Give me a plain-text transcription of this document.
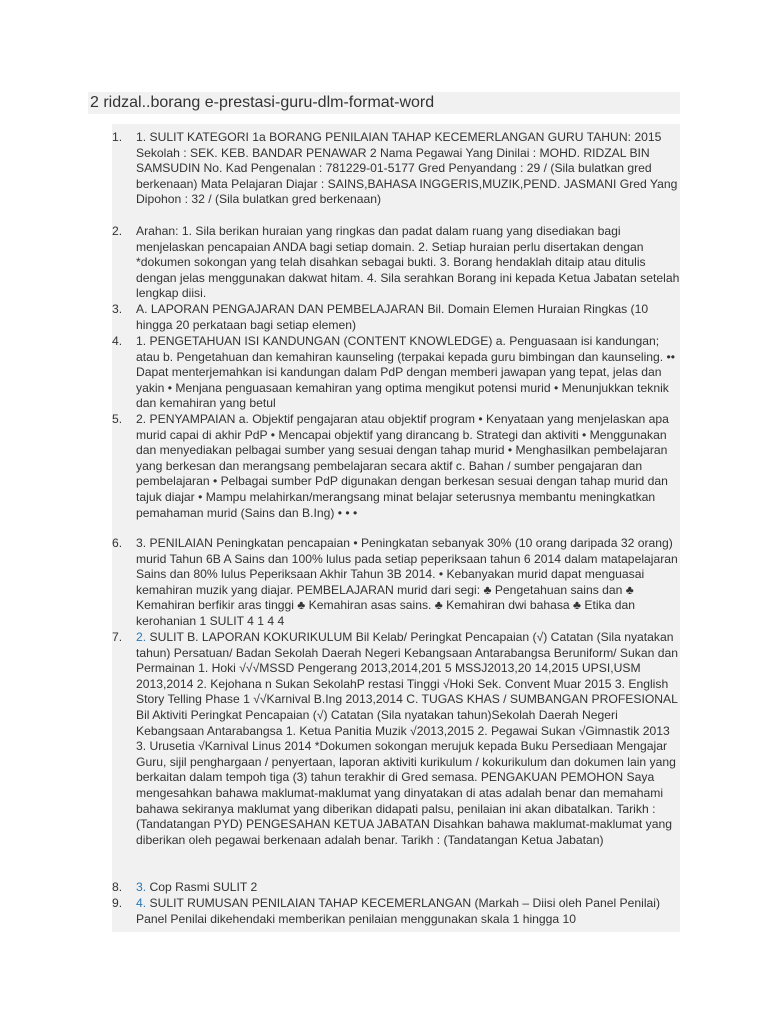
2 ridzal..borang e-prestasi-guru-dlm-format-word
1.	1. SULIT KATEGORI 1a BORANG PENILAIAN TAHAP KECEMERLANGAN GURU TAHUN: 2015 Sekolah : SEK. KEB. BANDAR PENAWAR 2 Nama Pegawai Yang Dinilai : MOHD. RIDZAL BIN SAMSUDIN No. Kad Pengenalan : 781229-01-5177 Gred Penyandang : 29 / (Sila bulatkan gred berkenaan) Mata Pelajaran Diajar : SAINS,BAHASA INGGERIS,MUZIK,PEND. JASMANI Gred Yang Dipohon : 32 / (Sila bulatkan gred berkenaan)
2.	Arahan: 1. Sila berikan huraian yang ringkas dan padat dalam ruang yang disediakan bagi menjelaskan pencapaian ANDA bagi setiap domain. 2. Setiap huraian perlu disertakan dengan *dokumen sokongan yang telah disahkan sebagai bukti. 3. Borang hendaklah ditaip atau ditulis dengan jelas menggunakan dakwat hitam. 4. Sila serahkan Borang ini kepada Ketua Jabatan setelah lengkap diisi.
3.	A. LAPORAN PENGAJARAN DAN PEMBELAJARAN Bil. Domain Elemen Huraian Ringkas (10 hingga 20 perkataan bagi setiap elemen)
4.	1. PENGETAHUAN ISI KANDUNGAN (CONTENT KNOWLEDGE) a. Penguasaan isi kandungan; atau b. Pengetahuan dan kemahiran kaunseling (terpakai kepada guru bimbingan dan kaunseling. •• Dapat menterjemahkan isi kandungan dalam PdP dengan memberi jawapan yang tepat, jelas dan yakin • Menjana penguasaan kemahiran yang optima mengikut potensi murid • Menunjukkan teknik dan kemahiran yang betul
5.	2. PENYAMPAIAN a. Objektif pengajaran atau objektif program • Kenyataan yang menjelaskan apa murid capai di akhir PdP • Mencapai objektif yang dirancang b. Strategi dan aktiviti • Menggunakan dan menyediakan pelbagai sumber yang sesuai dengan tahap murid • Menghasilkan pembelajaran yang berkesan dan merangsang pembelajaran secara aktif c. Bahan / sumber pengajaran dan pembelajaran • Pelbagai sumber PdP digunakan dengan berkesan sesuai dengan tahap murid dan tajuk diajar • Mampu melahirkan/merangsang minat belajar seterusnya membantu meningkatkan pemahaman murid (Sains dan B.Ing) • • •
6.	3. PENILAIAN Peningkatan pencapaian • Peningkatan sebanyak 30% (10 orang daripada 32 orang) murid Tahun 6B A Sains dan 100% lulus pada setiap peperiksaan tahun 6 2014 dalam matapelajaran Sains dan 80% lulus Peperiksaan Akhir Tahun 3B 2014. • Kebanyakan murid dapat menguasai kemahiran muzik yang diajar. PEMBELAJARAN murid dari segi: ♣ Pengetahuan sains dan ♣ Kemahiran berfikir aras tinggi ♣ Kemahiran asas sains. ♣ Kemahiran dwi bahasa ♣ Etika dan kerohanian 1 SULIT 4 1 4 4
7.	2. SULIT B. LAPORAN KOKURIKULUM Bil Kelab/ Peringkat Pencapaian (√) Catatan (Sila nyatakan tahun) Persatuan/ Badan Sekolah Daerah Negeri Kebangsaan Antarabangsa Beruniform/ Sukan dan Permainan 1. Hoki √√√MSSD Pengerang 2013,2014,201 5 MSSJ2013,20 14,2015 UPSI,USM 2013,2014 2. Kejohana n Sukan SekolahP restasi Tinggi √Hoki Sek. Convent Muar 2015 3. English Story Telling Phase 1 √√Karnival B.Ing 2013,2014 C. TUGAS KHAS / SUMBANGAN PROFESIONAL Bil Aktiviti Peringkat Pencapaian (√) Catatan (Sila nyatakan tahun)Sekolah Daerah Negeri Kebangsaan Antarabangsa 1. Ketua Panitia Muzik √2013,2015 2. Pegawai Sukan √Gimnastik 2013 3. Urusetia √Karnival Linus 2014 *Dokumen sokongan merujuk kepada Buku Persediaan Mengajar Guru, sijil penghargaan / penyertaan, laporan aktiviti kurikulum / kokurikulum dan dokumen lain yang berkaitan dalam tempoh tiga (3) tahun terakhir di Gred semasa. PENGAKUAN PEMOHON Saya mengesahkan bahawa maklumat-maklumat yang dinyatakan di atas adalah benar dan memahami bahawa sekiranya maklumat yang diberikan didapati palsu, penilaian ini akan dibatalkan. Tarikh : (Tandatangan PYD) PENGESAHAN KETUA JABATAN Disahkan bahawa maklumat-maklumat yang diberikan oleh pegawai berkenaan adalah benar. Tarikh : (Tandatangan Ketua Jabatan)
8.	3. Cop Rasmi SULIT 2
9.	4. SULIT RUMUSAN PENILAIAN TAHAP KECEMERLANGAN (Markah – Diisi oleh Panel Penilai) Panel Penilai dikehendaki memberikan penilaian menggunakan skala 1 hingga 10
